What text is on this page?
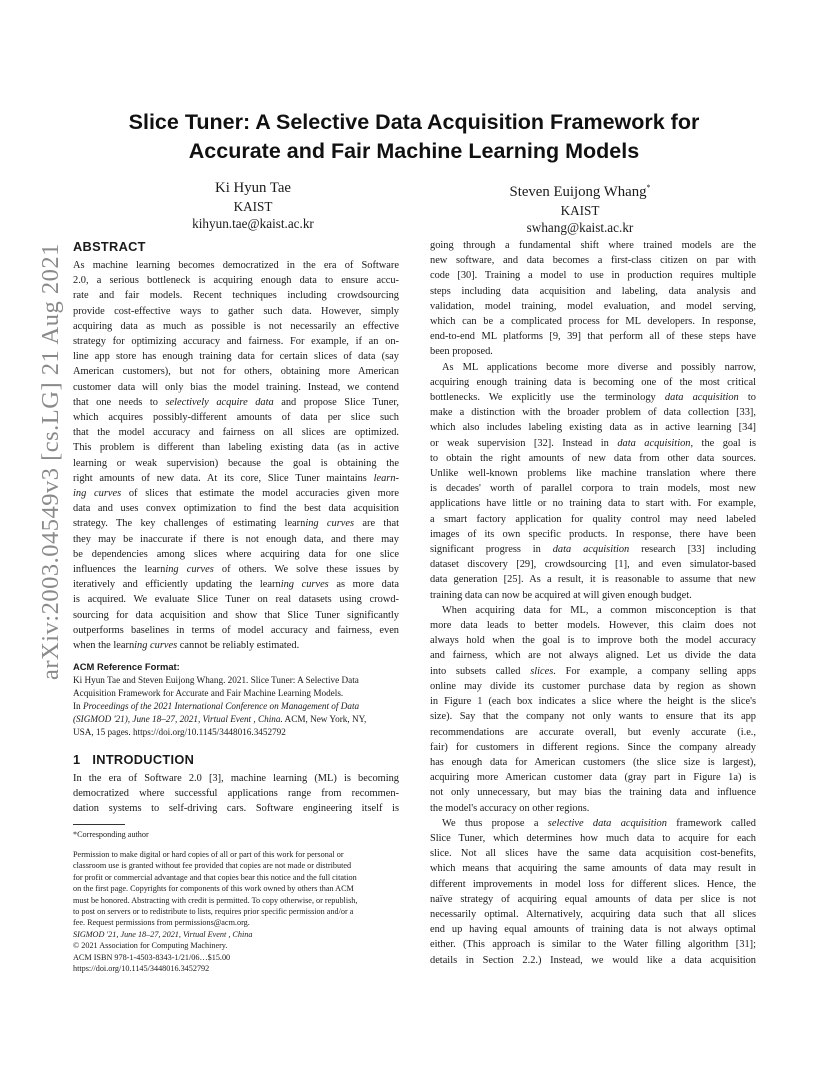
arXiv:2003.04549v3 [cs.LG] 21 Aug 2021
Slice Tuner: A Selective Data Acquisition Framework for
Accurate and Fair Machine Learning Models
Ki Hyun Tae
KAIST
kihyun.tae@kaist.ac.kr
Steven Euijong Whang*
KAIST
swhang@kaist.ac.kr
ABSTRACT
As machine learning becomes democratized in the era of Software
2.0, a serious bottleneck is acquiring enough data to ensure accu-
rate and fair models. Recent techniques including crowdsourcing
provide cost-effective ways to gather such data. However, simply
acquiring data as much as possible is not necessarily an effective
strategy for optimizing accuracy and fairness. For example, if an on-
line app store has enough training data for certain slices of data (say
American customers), but not for others, obtaining more American
customer data will only bias the model training. Instead, we contend
that one needs to selectively acquire data and propose Slice Tuner,
which acquires possibly-different amounts of data per slice such
that the model accuracy and fairness on all slices are optimized.
This problem is different than labeling existing data (as in active
learning or weak supervision) because the goal is obtaining the
right amounts of new data. At its core, Slice Tuner maintains learn-
ing curves of slices that estimate the model accuracies given more
data and uses convex optimization to find the best data acquisition
strategy. The key challenges of estimating learning curves are that
they may be inaccurate if there is not enough data, and there may
be dependencies among slices where acquiring data for one slice
influences the learning curves of others. We solve these issues by
iteratively and efficiently updating the learning curves as more data
is acquired. We evaluate Slice Tuner on real datasets using crowd-
sourcing for data acquisition and show that Slice Tuner significantly
outperforms baselines in terms of model accuracy and fairness, even
when the learning curves cannot be reliably estimated.
ACM Reference Format:
Ki Hyun Tae and Steven Euijong Whang. 2021. Slice Tuner: A Selective Data
Acquisition Framework for Accurate and Fair Machine Learning Models.
In Proceedings of the 2021 International Conference on Management of Data
(SIGMOD '21), June 18–27, 2021, Virtual Event , China. ACM, New York, NY,
USA, 15 pages. https://doi.org/10.1145/3448016.3452792
1 INTRODUCTION
In the era of Software 2.0 [3], machine learning (ML) is becoming
democratized where successful applications range from recommen-
dation systems to self-driving cars. Software engineering itself is
*Corresponding author
Permission to make digital or hard copies of all or part of this work for personal or
classroom use is granted without fee provided that copies are not made or distributed
for profit or commercial advantage and that copies bear this notice and the full citation
on the first page. Copyrights for components of this work owned by others than ACM
must be honored. Abstracting with credit is permitted. To copy otherwise, or republish,
to post on servers or to redistribute to lists, requires prior specific permission and/or a
fee. Request permissions from permissions@acm.org.
SIGMOD '21, June 18–27, 2021, Virtual Event , China
© 2021 Association for Computing Machinery.
ACM ISBN 978-1-4503-8343-1/21/06…$15.00
https://doi.org/10.1145/3448016.3452792
going through a fundamental shift where trained models are the
new software, and data becomes a first-class citizen on par with
code [30]. Training a model to use in production requires multiple
steps including data acquisition and labeling, data analysis and
validation, model training, model evaluation, and model serving,
which can be a complicated process for ML developers. In response,
end-to-end ML platforms [9, 39] that perform all of these steps have
been proposed.
As ML applications become more diverse and possibly narrow,
acquiring enough training data is becoming one of the most critical
bottlenecks. We explicitly use the terminology data acquisition to
make a distinction with the broader problem of data collection [33],
which also includes labeling existing data as in active learning [34]
or weak supervision [32]. Instead in data acquisition, the goal is
to obtain the right amounts of new data from other data sources.
Unlike well-known problems like machine translation where there
is decades' worth of parallel corpora to train models, most new
applications have little or no training data to start with. For example,
a smart factory application for quality control may need labeled
images of its own specific products. In response, there have been
significant progress in data acquisition research [33] including
dataset discovery [29], crowdsourcing [1], and even simulator-based
data generation [25]. As a result, it is reasonable to assume that new
training data can now be acquired at will given enough budget.
When acquiring data for ML, a common misconception is that
more data leads to better models. However, this claim does not
always hold when the goal is to improve both the model accuracy
and fairness, which are not always aligned. Let us divide the data
into subsets called slices. For example, a company selling apps
online may divide its customer purchase data by region as shown
in Figure 1 (each box indicates a slice where the height is the slice's
size). Say that the company not only wants to ensure that its app
recommendations are accurate overall, but evenly accurate (i.e.,
fair) for customers in different regions. Since the company already
has enough data for American customers (the slice size is largest),
acquiring more American customer data (gray part in Figure 1a) is
not only unnecessary, but may bias the training data and influence
the model's accuracy on other regions.
We thus propose a selective data acquisition framework called
Slice Tuner, which determines how much data to acquire for each
slice. Not all slices have the same data acquisition cost-benefits,
which means that acquiring the same amounts of data may result in
different improvements in model loss for different slices. Hence, the
naïve strategy of acquiring equal amounts of data per slice is not
necessarily optimal. Alternatively, acquiring data such that all slices
end up having equal amounts of training data is not always optimal
either. (This approach is similar to the Water filling algorithm [31];
details in Section 2.2.) Instead, we would like a data acquisition
